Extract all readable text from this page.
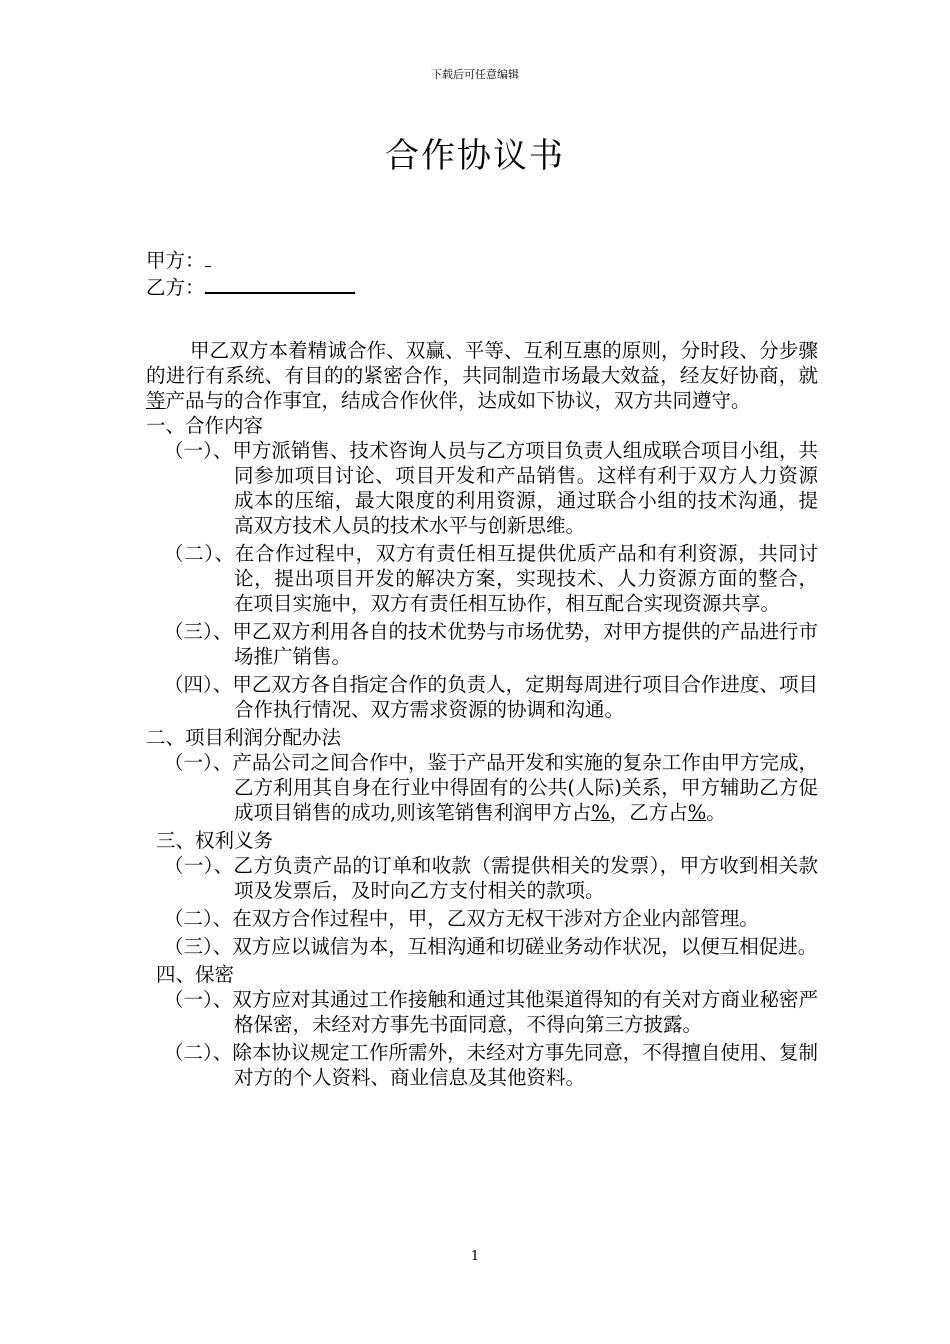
下载后可任意编辑
合作协议书

甲方：

乙方：

甲乙双方本着精诚合作、双赢、平等、互利互惠的原则，分时段、分步骤的进行有系统、有目的的紧密合作，共同制造市场最大效益，经友好协商，就等产品与的合作事宜，结成合作伙伴，达成如下协议，双方共同遵守。

一、合作内容

（一）、甲方派销售、技术咨询人员与乙方项目负责人组成联合项目小组，共同参加项目讨论、项目开发和产品销售。这样有利于双方人力资源成本的压缩，最大限度的利用资源，通过联合小组的技术沟通，提高双方技术人员的技术水平与创新思维。

（二）、在合作过程中，双方有责任相互提供优质产品和有利资源，共同讨论，提出项目开发的解决方案，实现技术、人力资源方面的整合，在项目实施中，双方有责任相互协作，相互配合实现资源共享。

（三）、甲乙双方利用各自的技术优势与市场优势，对甲方提供的产品进行市场推广销售。

（四）、甲乙双方各自指定合作的负责人，定期每周进行项目合作进度、项目合作执行情况、双方需求资源的协调和沟通。

二、项目利润分配办法

（一）、产品公司之间合作中，鉴于产品开发和实施的复杂工作由甲方完成，乙方利用其自身在行业中得固有的公共(人际)关系，甲方辅助乙方促成项目销售的成功,则该笔销售利润甲方占%，乙方占%。

三、权利义务

（一）、乙方负责产品的订单和收款（需提供相关的发票），甲方收到相关款项及发票后，及时向乙方支付相关的款项。

（二）、在双方合作过程中，甲，乙双方无权干涉对方企业内部管理。

（三）、双方应以诚信为本，互相沟通和切磋业务动作状况，以便互相促进。

四、保密

（一）、双方应对其通过工作接触和通过其他渠道得知的有关对方商业秘密严格保密，未经对方事先书面同意，不得向第三方披露。

（二）、除本协议规定工作所需外，未经对方事先同意，不得擅自使用、复制对方的个人资料、商业信息及其他资料。

1
